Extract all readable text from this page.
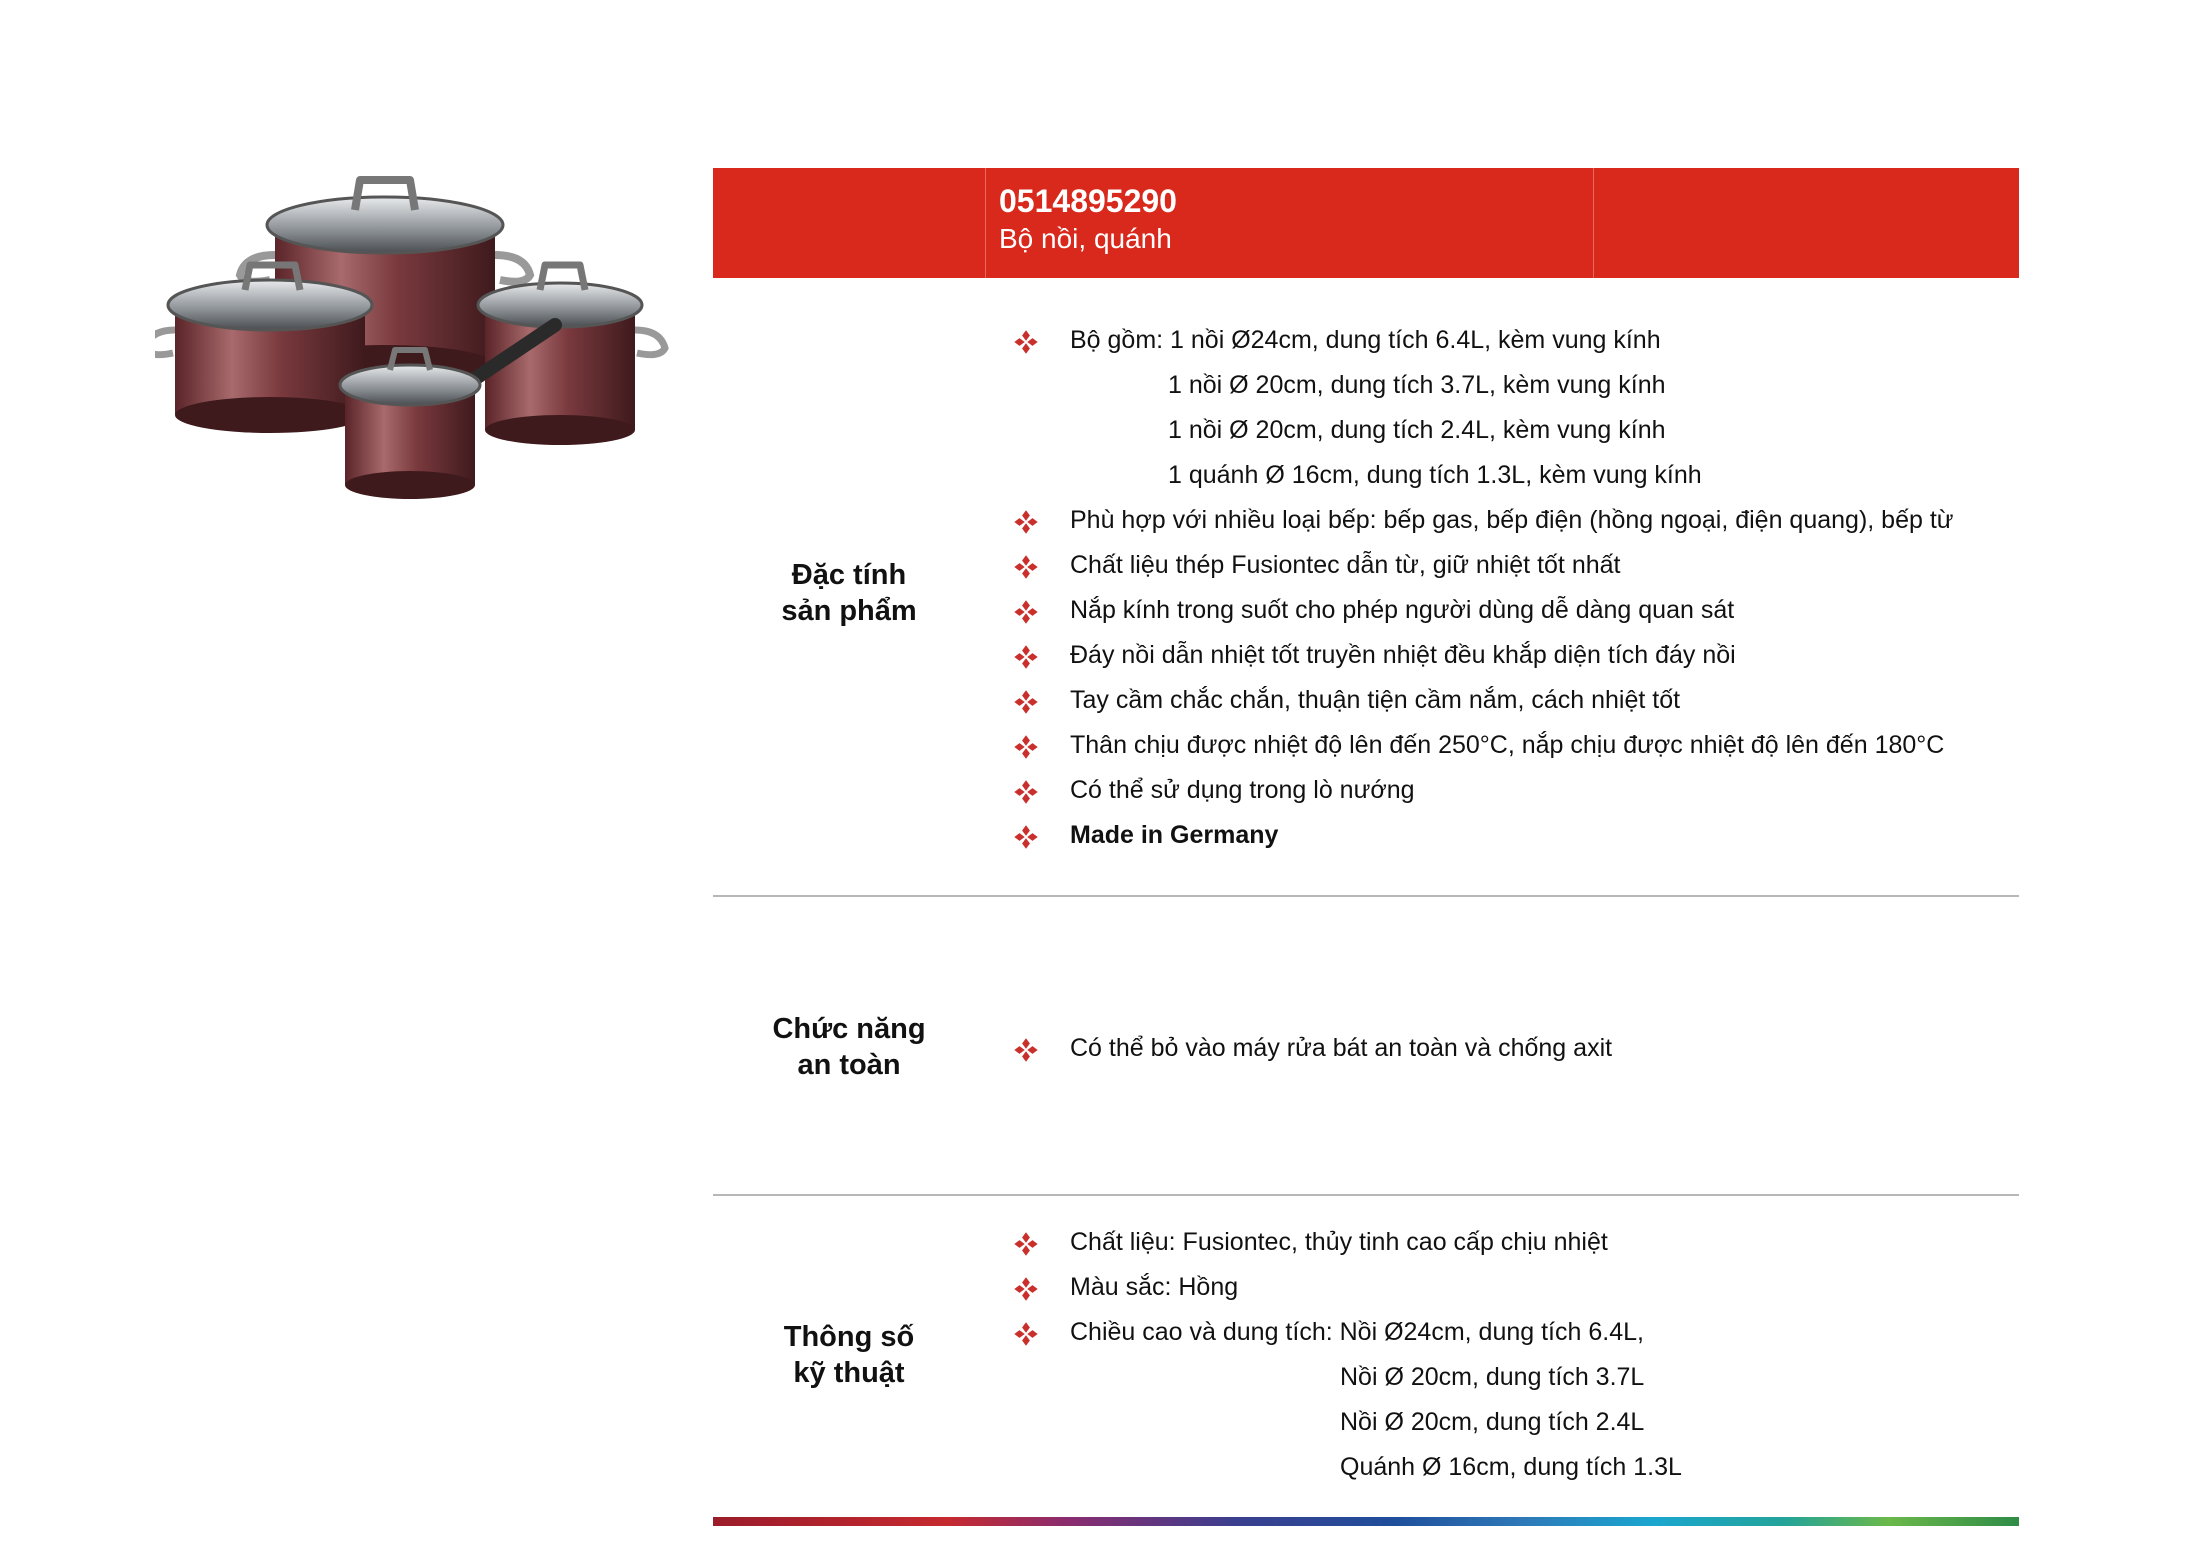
0514895290
Bộ nồi, quánh
Đặc tính
sản phẩm
Bộ gồm: 1 nồi Ø24cm, dung tích 6.4L, kèm vung kính
1 nồi Ø 20cm, dung tích 3.7L, kèm vung kính
1 nồi Ø 20cm, dung tích 2.4L, kèm vung kính
1 quánh Ø 16cm, dung tích 1.3L, kèm vung kính
Phù hợp với nhiều loại bếp: bếp gas, bếp điện (hồng ngoại, điện quang), bếp từ
Chất liệu thép Fusiontec dẫn từ, giữ nhiệt tốt nhất
Nắp kính trong suốt cho phép người dùng dễ dàng quan sát
Đáy nồi dẫn nhiệt tốt truyền nhiệt đều khắp diện tích đáy nồi
Tay cầm chắc chắn, thuận tiện cầm nắm, cách nhiệt tốt
Thân chịu được nhiệt độ lên đến 250°C, nắp chịu được nhiệt độ lên đến 180°C
Có thể sử dụng trong lò nướng
Made in Germany
Chức năng
an toàn
Có thể bỏ vào máy rửa bát an toàn và chống axit
Thông số
kỹ thuật
Chất liệu: Fusiontec, thủy tinh cao cấp chịu nhiệt
Màu sắc: Hồng
Chiều cao và dung tích: Nồi Ø24cm, dung tích 6.4L,
Nồi Ø 20cm, dung tích 3.7L
Nồi Ø 20cm, dung tích 2.4L
Quánh Ø 16cm, dung tích 1.3L
